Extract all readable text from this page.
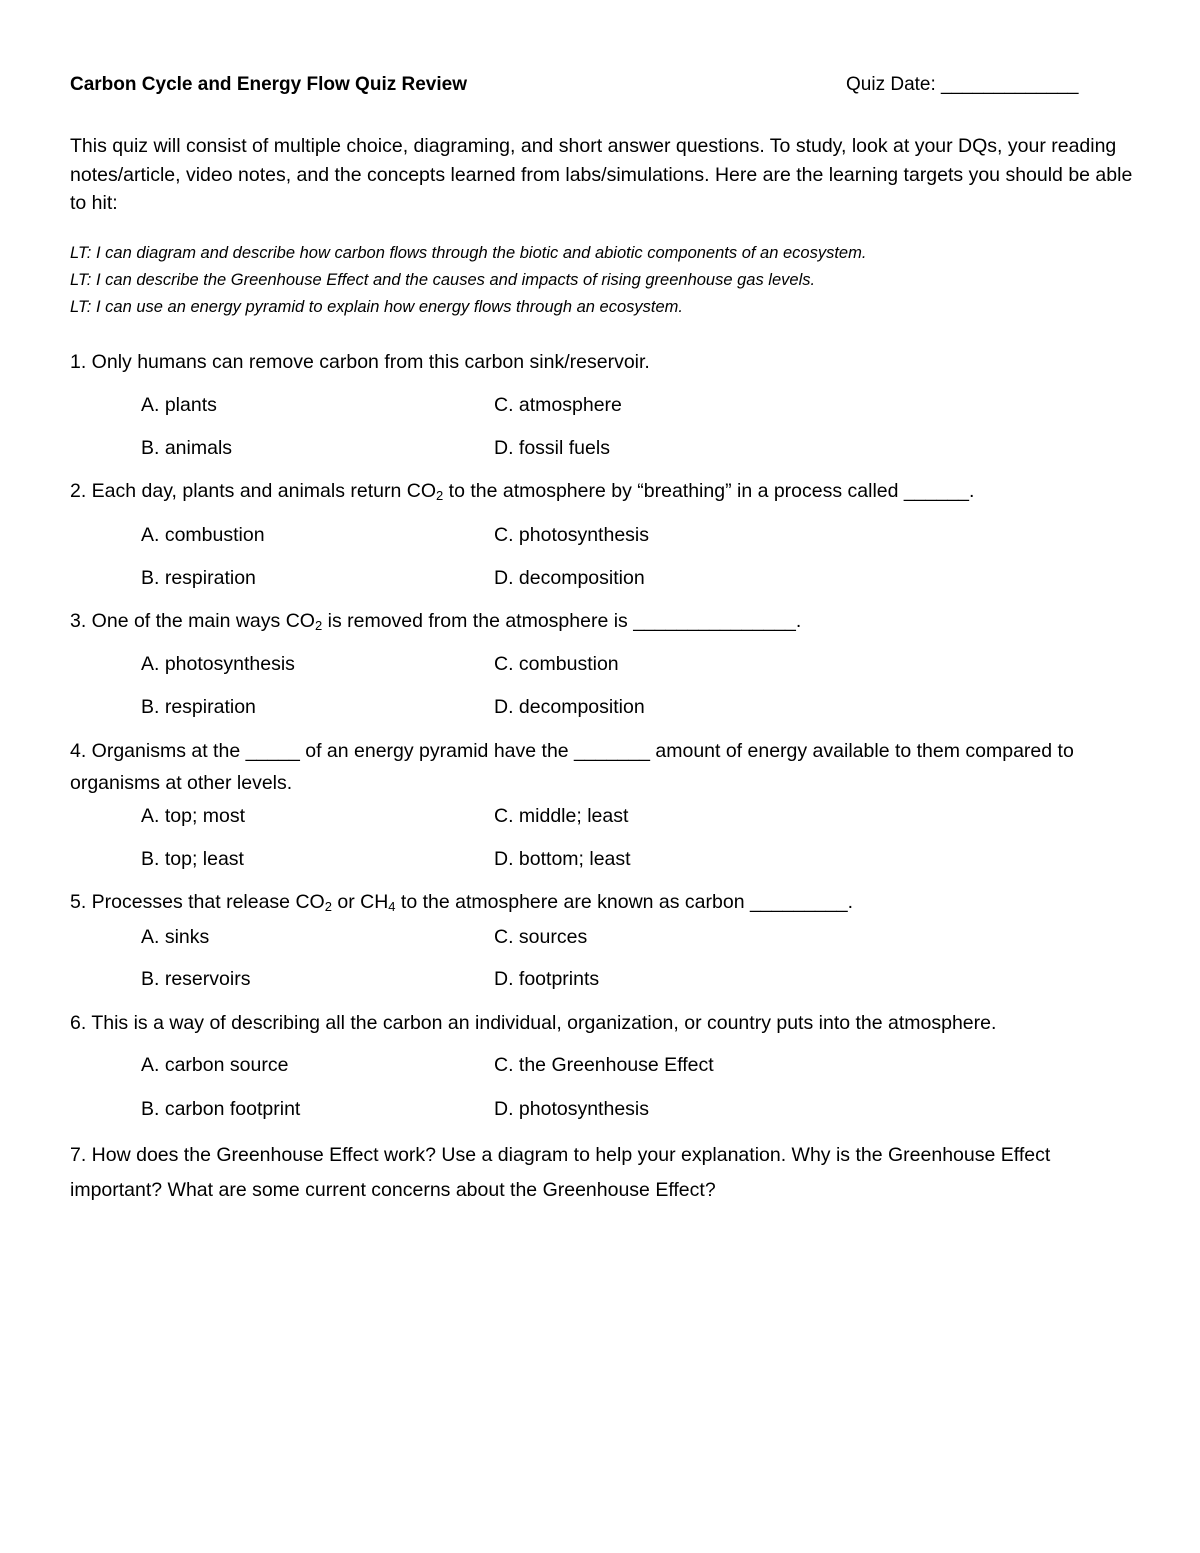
Carbon Cycle and Energy Flow Quiz Review	Quiz Date: _____________
This quiz will consist of multiple choice, diagraming, and short answer questions. To study, look at your DQs, your reading notes/article, video notes, and the concepts learned from labs/simulations. Here are the learning targets you should be able to hit:
LT: I can diagram and describe how carbon flows through the biotic and abiotic components of an ecosystem.
LT: I can describe the Greenhouse Effect and the causes and impacts of rising greenhouse gas levels.
LT: I can use an energy pyramid to explain how energy flows through an ecosystem.
1. Only humans can remove carbon from this carbon sink/reservoir.
A. plants	C. atmosphere
B. animals	D. fossil fuels
2. Each day, plants and animals return $CO_2$ to the atmosphere by “breathing” in a process called ______.
A. combustion	C. photosynthesis
B. respiration	D. decomposition
3. One of the main ways $CO_2$ is removed from the atmosphere is _______________.
A. photosynthesis	C. combustion
B. respiration	D. decomposition
4. Organisms at the _____ of an energy pyramid have the _______ amount of energy available to them compared to organisms at other levels.
A. top; most	C. middle; least
B. top; least	D. bottom; least
5. Processes that release $CO_2$ or $CH_4$ to the atmosphere are known as carbon _________.
A. sinks	C. sources
B. reservoirs	D. footprints
6. This is a way of describing all the carbon an individual, organization, or country puts into the atmosphere.
A. carbon source	C. the Greenhouse Effect
B. carbon footprint	D. photosynthesis
7. How does the Greenhouse Effect work? Use a diagram to help your explanation. Why is the Greenhouse Effect important? What are some current concerns about the Greenhouse Effect?
